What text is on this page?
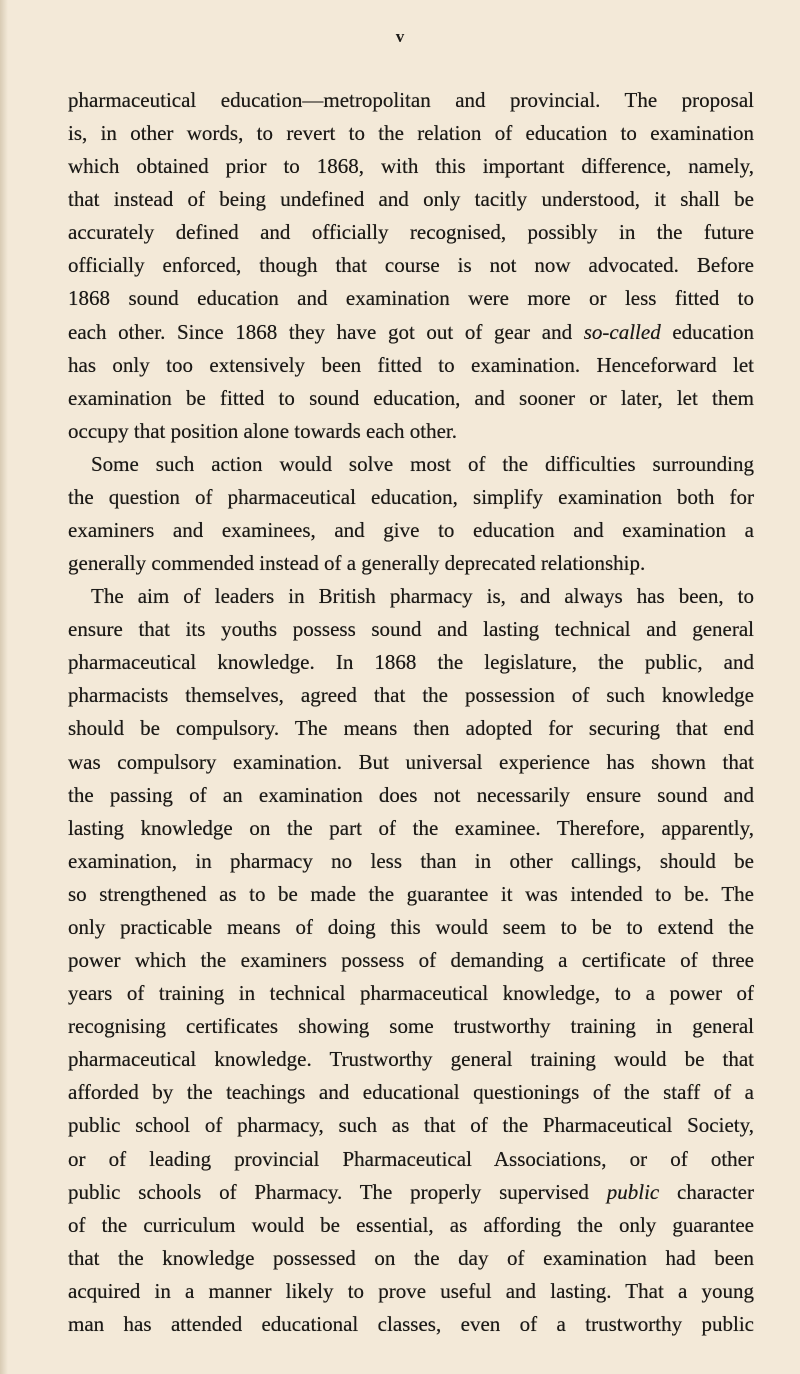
v
pharmaceutical education—metropolitan and provincial. The proposal
is, in other words, to revert to the relation of education to examination
which obtained prior to 1868, with this important difference, namely,
that instead of being undefined and only tacitly understood, it shall be
accurately defined and officially recognised, possibly in the future
officially enforced, though that course is not now advocated. Before
1868 sound education and examination were more or less fitted to
each other. Since 1868 they have got out of gear and so-called education
has only too extensively been fitted to examination. Henceforward let
examination be fitted to sound education, and sooner or later, let them
occupy that position alone towards each other.
Some such action would solve most of the difficulties surrounding
the question of pharmaceutical education, simplify examination both for
examiners and examinees, and give to education and examination a
generally commended instead of a generally deprecated relationship.
The aim of leaders in British pharmacy is, and always has been, to
ensure that its youths possess sound and lasting technical and general
pharmaceutical knowledge. In 1868 the legislature, the public, and
pharmacists themselves, agreed that the possession of such knowledge
should be compulsory. The means then adopted for securing that end
was compulsory examination. But universal experience has shown that
the passing of an examination does not necessarily ensure sound and
lasting knowledge on the part of the examinee. Therefore, apparently,
examination, in pharmacy no less than in other callings, should be
so strengthened as to be made the guarantee it was intended to be. The
only practicable means of doing this would seem to be to extend the
power which the examiners possess of demanding a certificate of three
years of training in technical pharmaceutical knowledge, to a power of
recognising certificates showing some trustworthy training in general
pharmaceutical knowledge. Trustworthy general training would be that
afforded by the teachings and educational questionings of the staff of a
public school of pharmacy, such as that of the Pharmaceutical Society,
or of leading provincial Pharmaceutical Associations, or of other
public schools of Pharmacy. The properly supervised public character
of the curriculum would be essential, as affording the only guarantee
that the knowledge possessed on the day of examination had been
acquired in a manner likely to prove useful and lasting. That a young
man has attended educational classes, even of a trustworthy public
